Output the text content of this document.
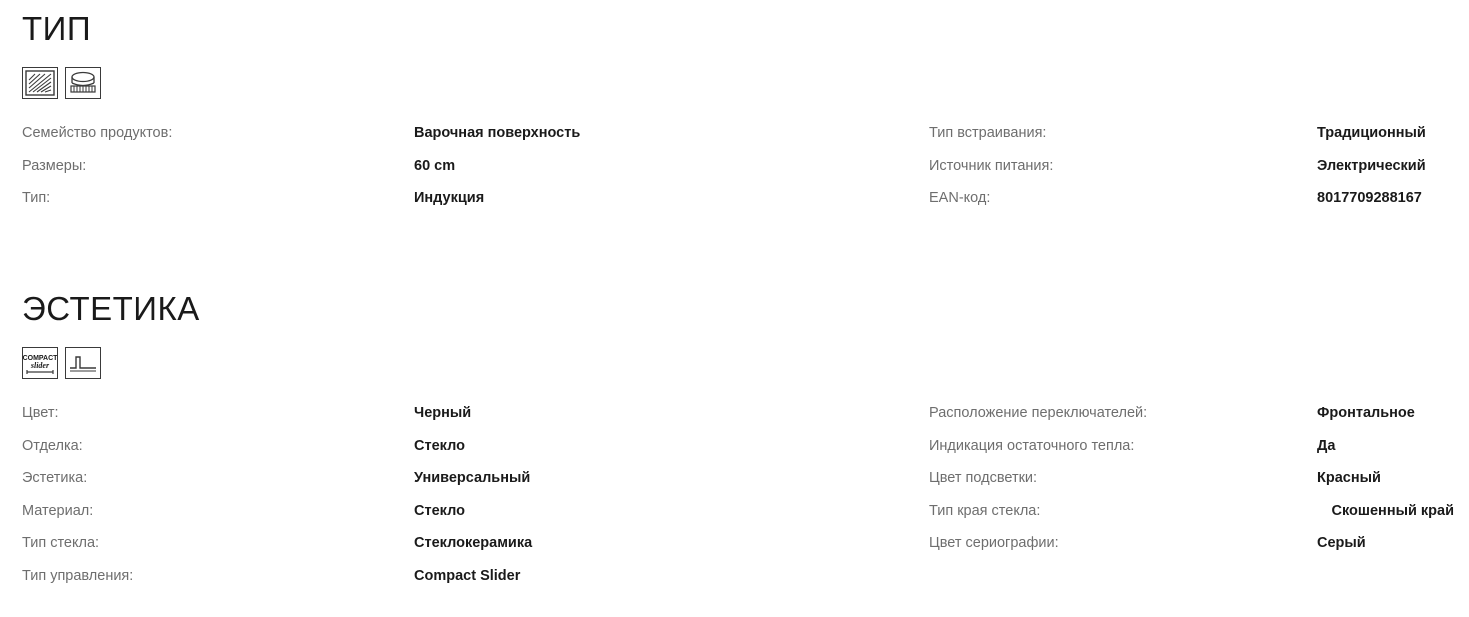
ТИП
Семейство продуктов:	Варочная поверхность
Размеры:	60 cm
Тип:	Индукция
Тип встраивания:	Традиционный
Источник питания:	Электрический
EAN-код:	8017709288167
ЭСТЕТИКА
COMPACT
slider
Цвет:	Черный
Отделка:	Стекло
Эстетика:	Универсальный
Материал:	Стекло
Тип стекла:	Стеклокерамика
Тип управления:	Compact Slider
Расположение переключателей:	Фронтальное
Индикация остаточного тепла:	Да
Цвет подсветки:	Красный
Тип края стекла:	Скошенный край
Цвет сериографии:	Серый
